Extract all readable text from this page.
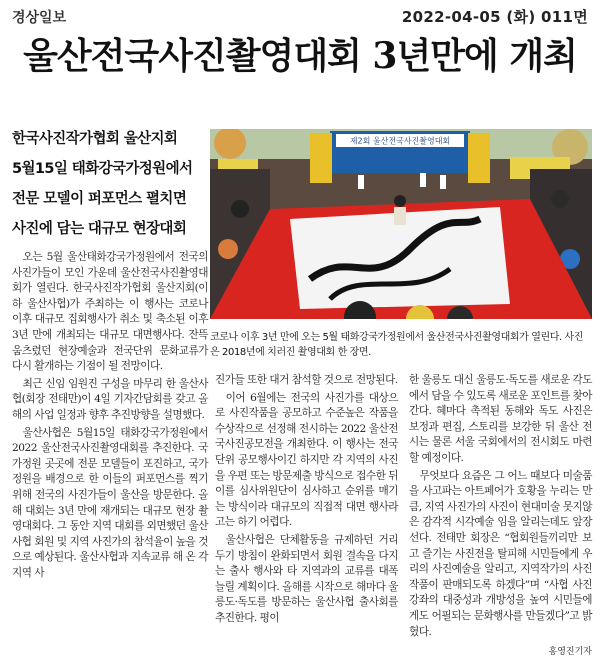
경상일보	2022-04-05 (화) 011면
울산전국사진촬영대회 3년만에 개최
한국사진작가협회 울산지회
5월15일 태화강국가정원에서
전문 모델이 퍼포먼스 펼치면
사진에 담는 대규모 현장대회
제2회 울산전국사진촬영대회
코로나 이후 3년 만에 오는 5월 태화강국가정원에서 울산전국사진촬영대회가 열린다. 사진은 2018년에 치러진 촬영대회 한 장면.

오는 5월 울산태화강국가정원에서 전국의 사진가들이 모인 가운데 울산전국사진촬영대회가 열린다. 한국사진작가협회 울산지회(이하 울산사협)가 주최하는 이 행사는 코로나 이후 대규모 집회행사가 취소 및 축소된 이후 3년 만에 개최되는 대규모 대면행사다. 잔뜩 움츠렸던 현장예술과 전국단위 문화교류가 다시 활개하는 기점이 될 전망이다.

최근 신임 임원진 구성을 마무리 한 울산사협(회장 전태만)이 4일 기자간담회를 갖고 올해의 사업 일정과 향후 추진방향을 설명했다.

울산사협은 5월15일 태화강국가정원에서 2022 울산전국사진촬영대회를 추진한다. 국가정원 곳곳에 전문 모델들이 포진하고, 국가정원을 배경으로 한 이들의 퍼포먼스를 찍기위해 전국의 사진가들이 울산을 방문한다. 올해 대회는 3년 만에 재개되는 대규모 현장 촬영대회다. 그 동안 지역 대회를 외면했던 울산사협 회원 및 지역 사진가의 참석율이 높을 것으로 예상된다. 울산사협과 지속교류 해 온 각 지역 사

진가들 또한 대거 참석할 것으로 전망된다.

이어 6월에는 전국의 사진가를 대상으로 사진작품을 공모하고 수준높은 작품을 수상작으로 선정해 전시하는 2022 울산전국사진공모전을 개최한다. 이 행사는 전국 단위 공모행사이긴 하지만 각 지역의 사진을 우편 또는 방문제출 방식으로 접수한 뒤 이를 심사위원단이 심사하고 순위를 매기는 방식이라 대규모의 직접적 대면 행사라고는 하기 어렵다.

울산사협은 단체활동을 규제하던 거리두기 방침이 완화되면서 회원 결속을 다지는 출사 행사와 타 지역과의 교류를 대폭 늘릴 계획이다. 올해를 시작으로 해마다 울릉도·독도를 방문하는 울산사협 출사회를 추진한다. 평이

한 울릉도 대신 울릉도·독도를 새로운 각도에서 담을 수 있도록 새로운 포인트를 찾아간다. 혜마다 촉적된 동해와 독도 사진은 보정과 편집, 스토리를 보강한 뒤 울산 전시는 물론 서울 국회에서의 전시회도 마련할 예정이다.

무엇보다 요즘은 그 어느 때보다 미술품을 사고파는 아트페어가 호황을 누리는 만큼, 지역 사진가의 사진이 현대미술 못지않은 감각적 시각예술 임을 알리는데도 앞장선다. 전태만 회장은 “협회원들끼리만 보고 즐기는 사진전을 탈피해 시민들에게 우리의 사진예술을 알리고, 지역작가의 사진작품이 판매되도록 하겠다”며 “사협 사진강좌의 대중성과 개방성을 높여 시민들에게도 어필되는 문화행사를 만들겠다”고 밝혔다.

홍영진기자
